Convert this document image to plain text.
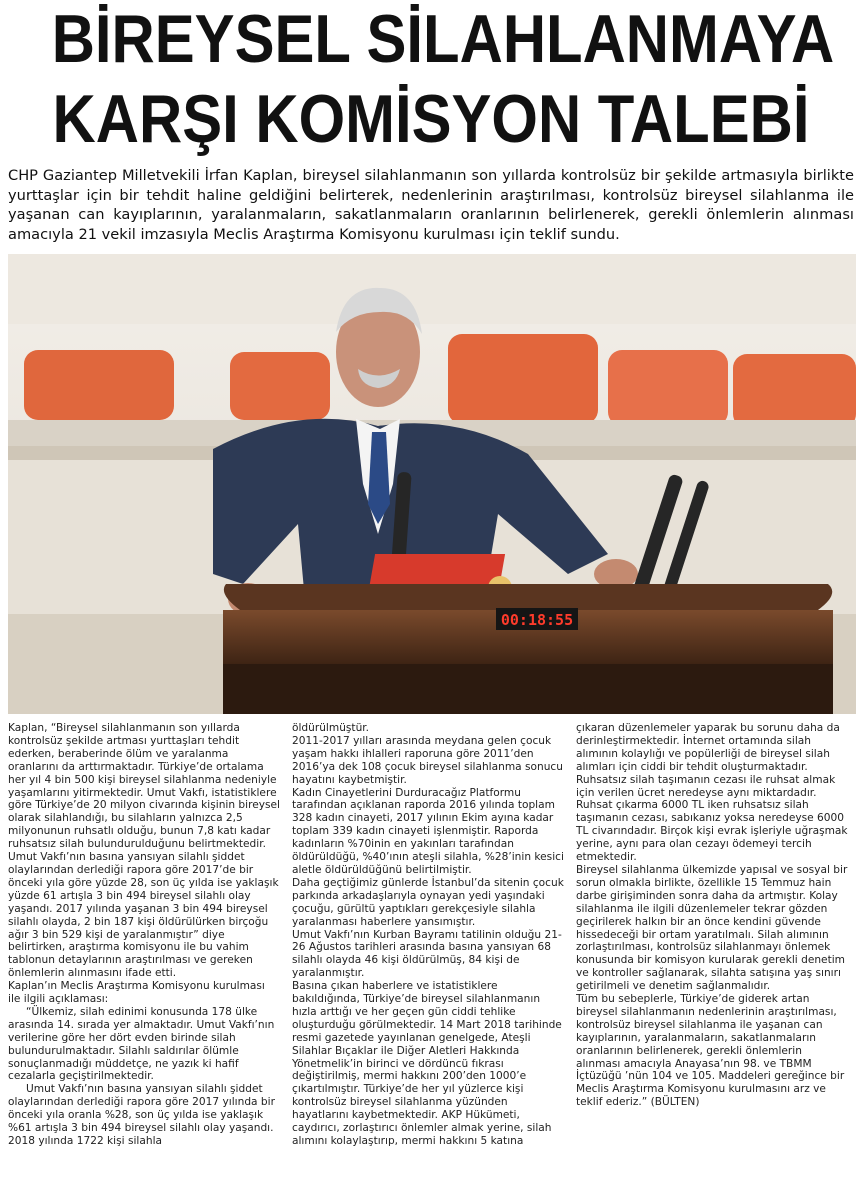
BİREYSEL SİLAHLANMAYA
KARŞI KOMİSYON TALEBİ
CHP Gaziantep Milletvekili İrfan Kaplan, bireysel silahlanmanın son yıllarda kontrolsüz bir şekilde artmasıyla birlikte yurttaşlar için bir tehdit haline geldiğini belirterek, nedenlerinin araştırılması, kontrolsüz bireysel silahlanma ile yaşanan can kayıplarının, yaralanmaların, sakatlanmaların oranlarının belirlenerek, gerekli önlemlerin alınması amacıyla 21 vekil imzasıyla Meclis Araştırma Komisyonu kurulması için teklif sundu.
00:18:55

Kaplan, “Bireysel silahlanmanın son yıllarda kontrolsüz şekilde artması yurttaşları tehdit ederken, beraberinde ölüm ve yaralanma oranlarını da arttırmaktadır. Türkiye’de ortalama her yıl 4 bin 500 kişi bireysel silahlanma nedeniyle yaşamlarını yitirmektedir. Umut Vakfı, istatistiklere göre Türkiye’de 20 milyon civarında kişinin bireysel olarak silahlandığı, bu silahların yalnızca 2,5 milyonunun ruhsatlı olduğu, bunun 7,8 katı kadar ruhsatsız silah bulundurulduğunu belirtmektedir.

Umut Vakfı’nın basına yansıyan silahlı şiddet olaylarından derlediği rapora göre 2017’de bir önceki yıla göre yüzde 28, son üç yılda ise yaklaşık yüzde 61 artışla 3 bin 494 bireysel silahlı olay yaşandı. 2017 yılında yaşanan 3 bin 494 bireysel silahlı olayda, 2 bin 187 kişi öldürülürken birçoğu ağır 3 bin 529 kişi de yaralanmıştır” diye belirtirken, araştırma komisyonu ile bu vahim tablonun detaylarının araştırılması ve gereken önlemlerin alınmasını ifade etti.

Kaplan’ın Meclis Araştırma Komisyonu kurulması ile ilgili açıklaması:

“Ülkemiz, silah edinimi konusunda 178 ülke arasında 14. sırada yer almaktadır. Umut Vakfı’nın verilerine göre her dört evden birinde silah bulundurulmaktadır. Silahlı saldırılar ölümle sonuçlanmadığı müddetçe, ne yazık ki hafif cezalarla geçiştirilmektedir.

Umut Vakfı’nın basına yansıyan silahlı şiddet olaylarından derlediği rapora göre 2017 yılında bir önceki yıla oranla %28, son üç yılda ise yaklaşık %61 artışla 3 bin 494 bireysel silahlı olay yaşandı. 2018 yılında 1722 kişi silahla

öldürülmüştür.

2011-2017 yılları arasında meydana gelen çocuk yaşam hakkı ihlalleri raporuna göre 2011’den 2016’ya dek 108 çocuk bireysel silahlanma sonucu hayatını kaybetmiştir.

Kadın Cinayetlerini Durduracağız Platformu tarafından açıklanan raporda 2016 yılında toplam 328 kadın cinayeti, 2017 yılının Ekim ayına kadar toplam 339 kadın cinayeti işlenmiştir. Raporda kadınların %70inin en yakınları tarafından öldürüldüğü, %40’ının ateşli silahla, %28’inin kesici aletle öldürüldüğünü belirtilmiştir.

Daha geçtiğimiz günlerde İstanbul’da sitenin çocuk parkında arkadaşlarıyla oynayan yedi yaşındaki çocuğu, gürültü yaptıkları gerekçesiyle silahla yaralanması haberlere yansımıştır.

Umut Vakfı’nın Kurban Bayramı tatilinin olduğu 21-26 Ağustos tarihleri arasında basına yansıyan 68 silahlı olayda 46 kişi öldürülmüş, 84 kişi de yaralanmıştır.

Basına çıkan haberlere ve istatistiklere bakıldığında, Türkiye’de bireysel silahlanmanın hızla arttığı ve her geçen gün ciddi tehlike oluşturduğu görülmektedir. 14 Mart 2018 tarihinde resmi gazetede yayınlanan genelgede, Ateşli Silahlar Bıçaklar ile Diğer Aletleri Hakkında Yönetmelik’in birinci ve dördüncü fıkrası değiştirilmiş, mermi hakkını 200’den 1000’e çıkartılmıştır. Türkiye’de her yıl yüzlerce kişi kontrolsüz bireysel silahlanma yüzünden hayatlarını kaybetmektedir. AKP Hükümeti, caydırıcı, zorlaştırıcı önlemler almak yerine, silah alımını kolaylaştırıp, mermi hakkını 5 katına

çıkaran düzenlemeler yaparak bu sorunu daha da derinleştirmektedir. İnternet ortamında silah alımının kolaylığı ve popülerliği de bireysel silah alımları için ciddi bir tehdit oluşturmaktadır.

Ruhsatsız silah taşımanın cezası ile ruhsat almak için verilen ücret neredeyse aynı miktardadır. Ruhsat çıkarma 6000 TL iken ruhsatsız silah taşımanın cezası, sabıkanız yoksa neredeyse 6000 TL civarındadır. Birçok kişi evrak işleriyle uğraşmak yerine, aynı para olan cezayı ödemeyi tercih etmektedir.

Bireysel silahlanma ülkemizde yapısal ve sosyal bir sorun olmakla birlikte, özellikle 15 Temmuz hain darbe girişiminden sonra daha da artmıştır. Kolay silahlanma ile ilgili düzenlemeler tekrar gözden geçirilerek halkın bir an önce kendini güvende hissedeceği bir ortam yaratılmalı. Silah alımının zorlaştırılması, kontrolsüz silahlanmayı önlemek konusunda bir komisyon kurularak gerekli denetim ve kontroller sağlanarak, silahta satışına yaş sınırı getirilmeli ve denetim sağlanmalıdır.

Tüm bu sebeplerle, Türkiye’de giderek artan bireysel silahlanmanın nedenlerinin araştırılması, kontrolsüz bireysel silahlanma ile yaşanan can kayıplarının, yaralanmaların, sakatlanmaların oranlarının belirlenerek, gerekli önlemlerin alınması amacıyla Anayasa’nın 98. ve TBMM İçtüzüğü ’nün 104 ve 105. Maddeleri gereğince bir Meclis Araştırma Komisyonu kurulmasını arz ve teklif ederiz.” (BÜLTEN)
